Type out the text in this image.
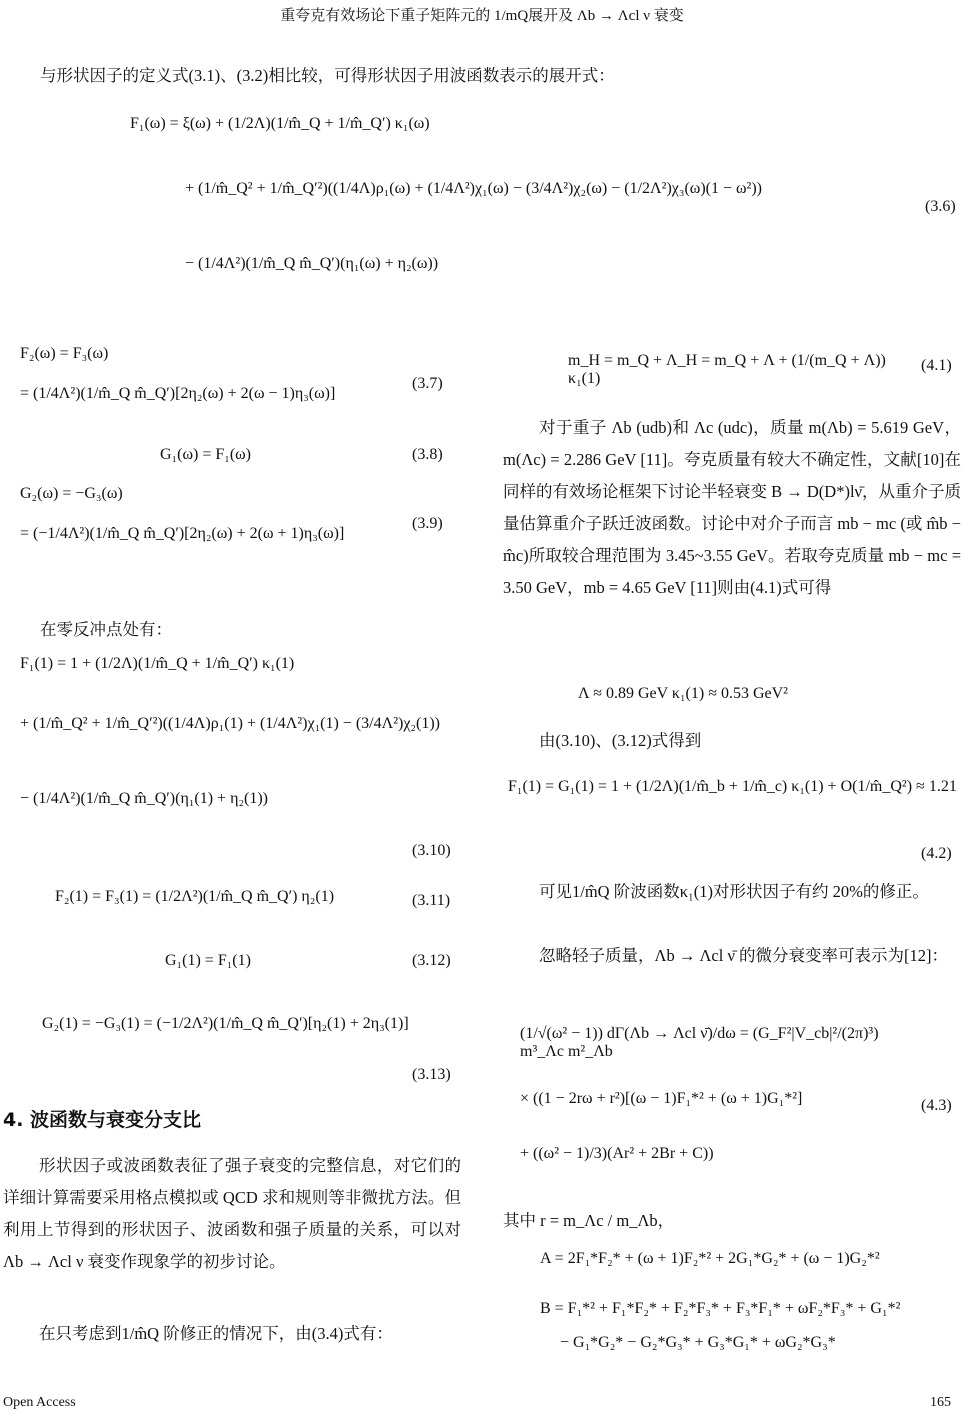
重夸克有效场论下重子矩阵元的 1/mQ展开及 Λb → Λcl ν 衰变
与形状因子的定义式(3.1)、(3.2)相比较，可得形状因子用波函数表示的展开式：
F₁(ω) = ξ(ω) + (1/2Λ)(1/m̂_Q + 1/m̂_Q′) κ₁(ω)
+ (1/m̂_Q² + 1/m̂_Q′²)((1/4Λ)ρ₁(ω) + (1/4Λ²)χ₁(ω) − (3/4Λ²)χ₂(ω) − (1/2Λ²)χ₃(ω)(1 − ω²))
− (1/4Λ²)(1/m̂_Q m̂_Q′)(η₁(ω) + η₂(ω))
(3.6)
F₂(ω) = F₃(ω)
= (1/4Λ²)(1/m̂_Q m̂_Q′)[2η₂(ω) + 2(ω − 1)η₃(ω)]
(3.7)
G₁(ω) = F₁(ω)	(3.8)
G₂(ω) = −G₃(ω)
= (−1/4Λ²)(1/m̂_Q m̂_Q′)[2η₂(ω) + 2(ω + 1)η₃(ω)]
(3.9)
在零反冲点处有：
F₁(1) = 1 + (1/2Λ)(1/m̂_Q + 1/m̂_Q′) κ₁(1)
+ (1/m̂_Q² + 1/m̂_Q′²)((1/4Λ)ρ₁(1) + (1/4Λ²)χ₁(1) − (3/4Λ²)χ₂(1))
− (1/4Λ²)(1/m̂_Q m̂_Q′)(η₁(1) + η₂(1))
(3.10)
F₂(1) = F₃(1) = (1/2Λ²)(1/m̂_Q m̂_Q′) η₂(1)	(3.11)
G₁(1) = F₁(1)	(3.12)
G₂(1) = −G₃(1) = (−1/2Λ²)(1/m̂_Q m̂_Q′)[η₂(1) + 2η₃(1)]
(3.13)
4. 波函数与衰变分支比
形状因子或波函数表征了强子衰变的完整信息，对它们的详细计算需要采用格点模拟或 QCD 求和规则等非微扰方法。但利用上节得到的形状因子、波函数和强子质量的关系，可以对 Λb → Λcl ν 衰变作现象学的初步讨论。
在只考虑到1/m̂Q 阶修正的情况下，由(3.4)式有：
m_H = m_Q + Λ_H = m_Q + Λ + (1/(m_Q + Λ)) κ₁(1)
(4.1)
对于重子 Λb (udb)和 Λc (udc)，质量 m(Λb) = 5.619 GeV，m(Λc) = 2.286 GeV [11]。夸克质量有较大不确定性，文献[10]在同样的有效场论框架下讨论半轻衰变 B → D(D*)lν̄，从重介子质量估算重介子跃迁波函数。讨论中对介子而言 mb − mc (或 m̂b − m̂c)所取较合理范围为 3.45~3.55 GeV。若取夸克质量 mb − mc = 3.50 GeV，mb = 4.65 GeV [11]则由(4.1)式可得
Λ ≈ 0.89 GeV κ₁(1) ≈ 0.53 GeV²
由(3.10)、(3.12)式得到
F₁(1) = G₁(1) = 1 + (1/2Λ)(1/m̂_b + 1/m̂_c) κ₁(1) + O(1/m̂_Q²) ≈ 1.21
(4.2)
可见1/m̂Q 阶波函数κ₁(1)对形状因子有约 20%的修正。
忽略轻子质量，Λb → Λcl ν̄ 的微分衰变率可表示为[12]：
(1/√(ω² − 1)) dΓ(Λb → Λcl ν̄)/dω = (G_F²|V_cb|²/(2π)³) m³_Λc m²_Λb
× ((1 − 2rω + r²)[(ω − 1)F₁*² + (ω + 1)G₁*²]
+ ((ω² − 1)/3)(Ar² + 2Br + C))
(4.3)
其中 r = m_Λc / m_Λb，
A = 2F₁*F₂* + (ω + 1)F₂*² + 2G₁*G₂* + (ω − 1)G₂*²
B = F₁*² + F₁*F₂* + F₂*F₃* + F₃*F₁* + ωF₂*F₃* + G₁*²
− G₁*G₂* − G₂*G₃* + G₃*G₁* + ωG₂*G₃*
Open Access	165
